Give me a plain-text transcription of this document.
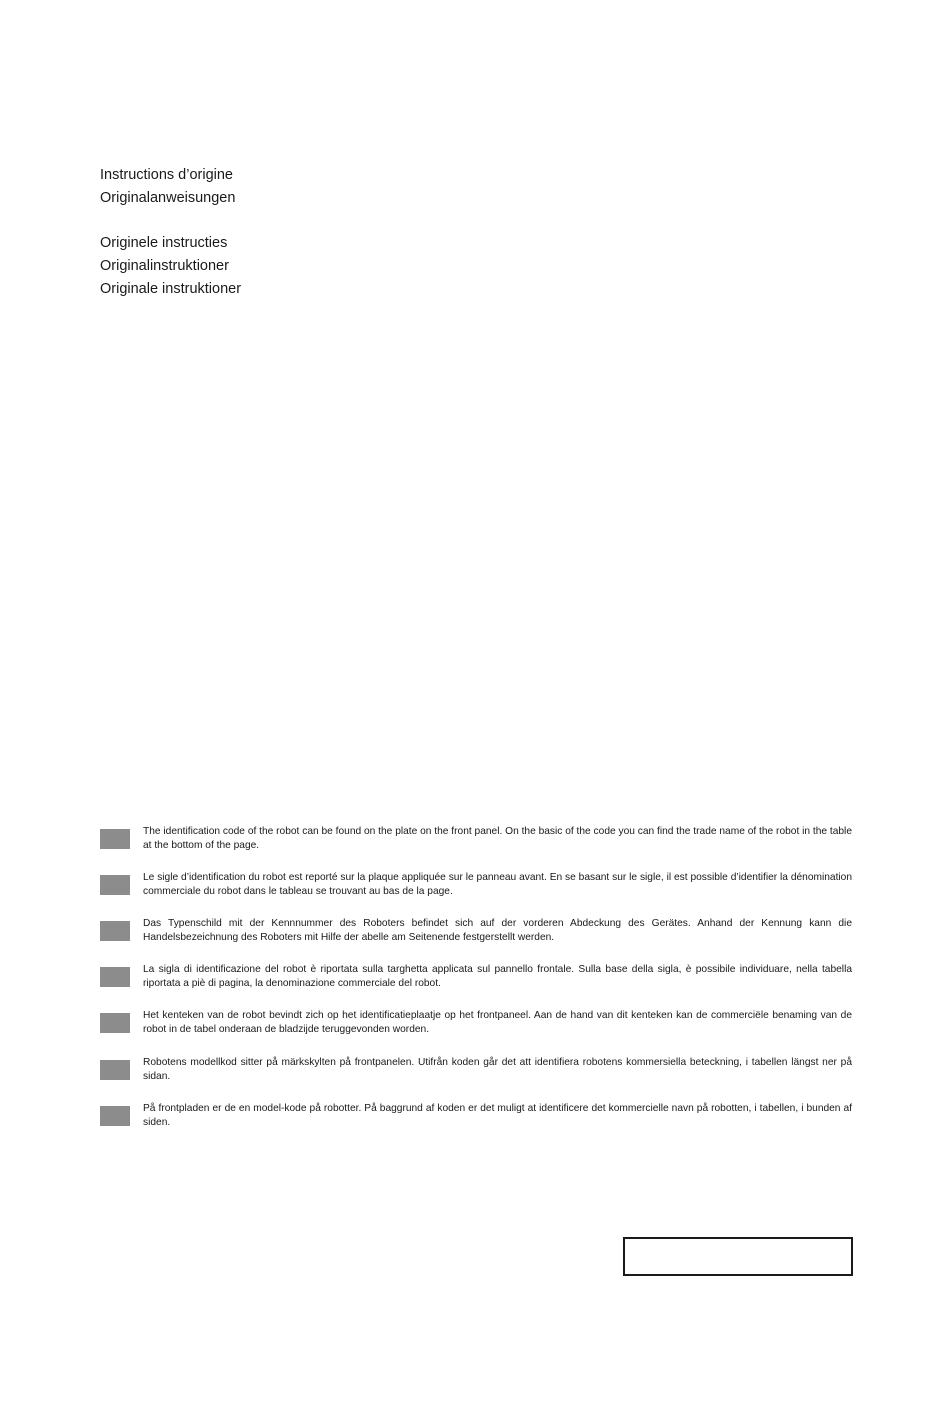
Instructions d’origine
Originalanweisungen
Originele instructies
Originalinstruktioner
Originale instruktioner
The identification code of the robot can be found on the plate on the front panel. On the basic of the code you can find the trade name of the robot in the table at the bottom of the page.
Le sigle d’identification du robot est reporté sur la plaque appliquée sur le panneau avant. En se basant sur le sigle, il est possible d’identifier la dénomination commerciale du robot dans le tableau se trouvant au bas de la page.
Das Typenschild mit der Kennnummer des Roboters befindet sich auf der vorderen Abdeckung des Gerätes. Anhand der Kennung kann die Handelsbezeichnung des Roboters mit Hilfe der abelle am Seitenende festgerstellt werden.
La sigla di identificazione del robot è riportata sulla targhetta applicata sul pannello frontale. Sulla base della sigla, è possibile individuare, nella tabella riportata a piè di pagina, la denominazione commerciale del robot.
Het kenteken van de robot bevindt zich op het identificatieplaatje op het frontpaneel. Aan de hand van dit kenteken kan de commerciële benaming van de robot in de tabel onderaan de bladzijde teruggevonden worden.
Robotens modellkod sitter på märkskylten på frontpanelen. Utifrån koden går det att identifiera robotens kommersiella beteckning, i tabellen längst ner på sidan.
På frontpladen er de en model-kode på robotter. På baggrund af koden er det muligt at identificere det kommercielle navn på robotten, i tabellen, i bunden af siden.
